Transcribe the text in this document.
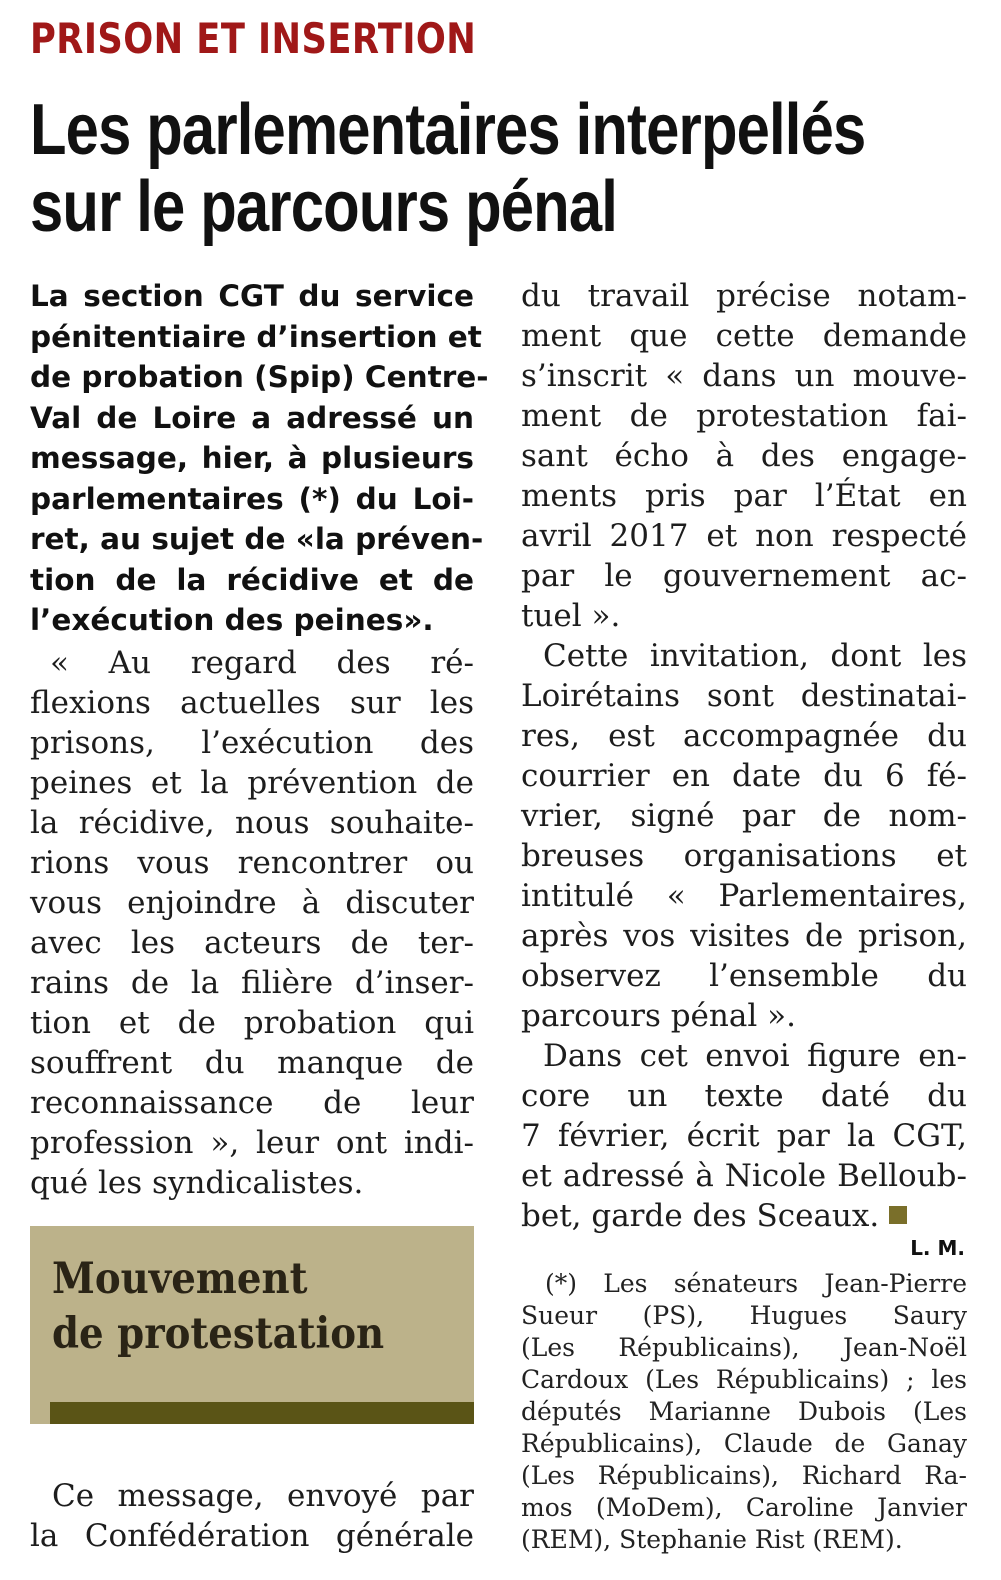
PRISON ET INSERTION
Les parlementaires interpellés
sur le parcours pénal
La section CGT du service
pénitentiaire d’insertion et
de probation (Spip) Centre-
Val de Loire a adressé un
message, hier, à plusieurs
parlementaires (*) du Loi-
ret, au sujet de «la préven-
tion de la récidive et de
l’exécution des peines».
« Au regard des ré-
flexions actuelles sur les
prisons, l’exécution des
peines et la prévention de
la récidive, nous souhaite-
rions vous rencontrer ou
vous enjoindre à discuter
avec les acteurs de ter-
rains de la filière d’inser-
tion et de probation qui
souffrent du manque de
reconnaissance de leur
profession », leur ont indi-
qué les syndicalistes.
Mouvement
de protestation
Ce message, envoyé par
la Confédération générale
du travail précise notam-
ment que cette demande
s’inscrit « dans un mouve-
ment de protestation fai-
sant écho à des engage-
ments pris par l’État en
avril 2017 et non respecté
par le gouvernement ac-
tuel ».
Cette invitation, dont les
Loirétains sont destinatai-
res, est accompagnée du
courrier en date du 6 fé-
vrier, signé par de nom-
breuses organisations et
intitulé « Parlementaires,
après vos visites de prison,
observez l’ensemble du
parcours pénal ».
Dans cet envoi figure en-
core un texte daté du
7 février, écrit par la CGT,
et adressé à Nicole Belloub-
bet, garde des Sceaux.
L. M.
(*) Les sénateurs Jean-Pierre
Sueur (PS), Hugues Saury
(Les Républicains), Jean-Noël
Cardoux (Les Républicains) ; les
députés Marianne Dubois (Les
Républicains), Claude de Ganay
(Les Républicains), Richard Ra-
mos (MoDem), Caroline Janvier
(REM), Stephanie Rist (REM).
